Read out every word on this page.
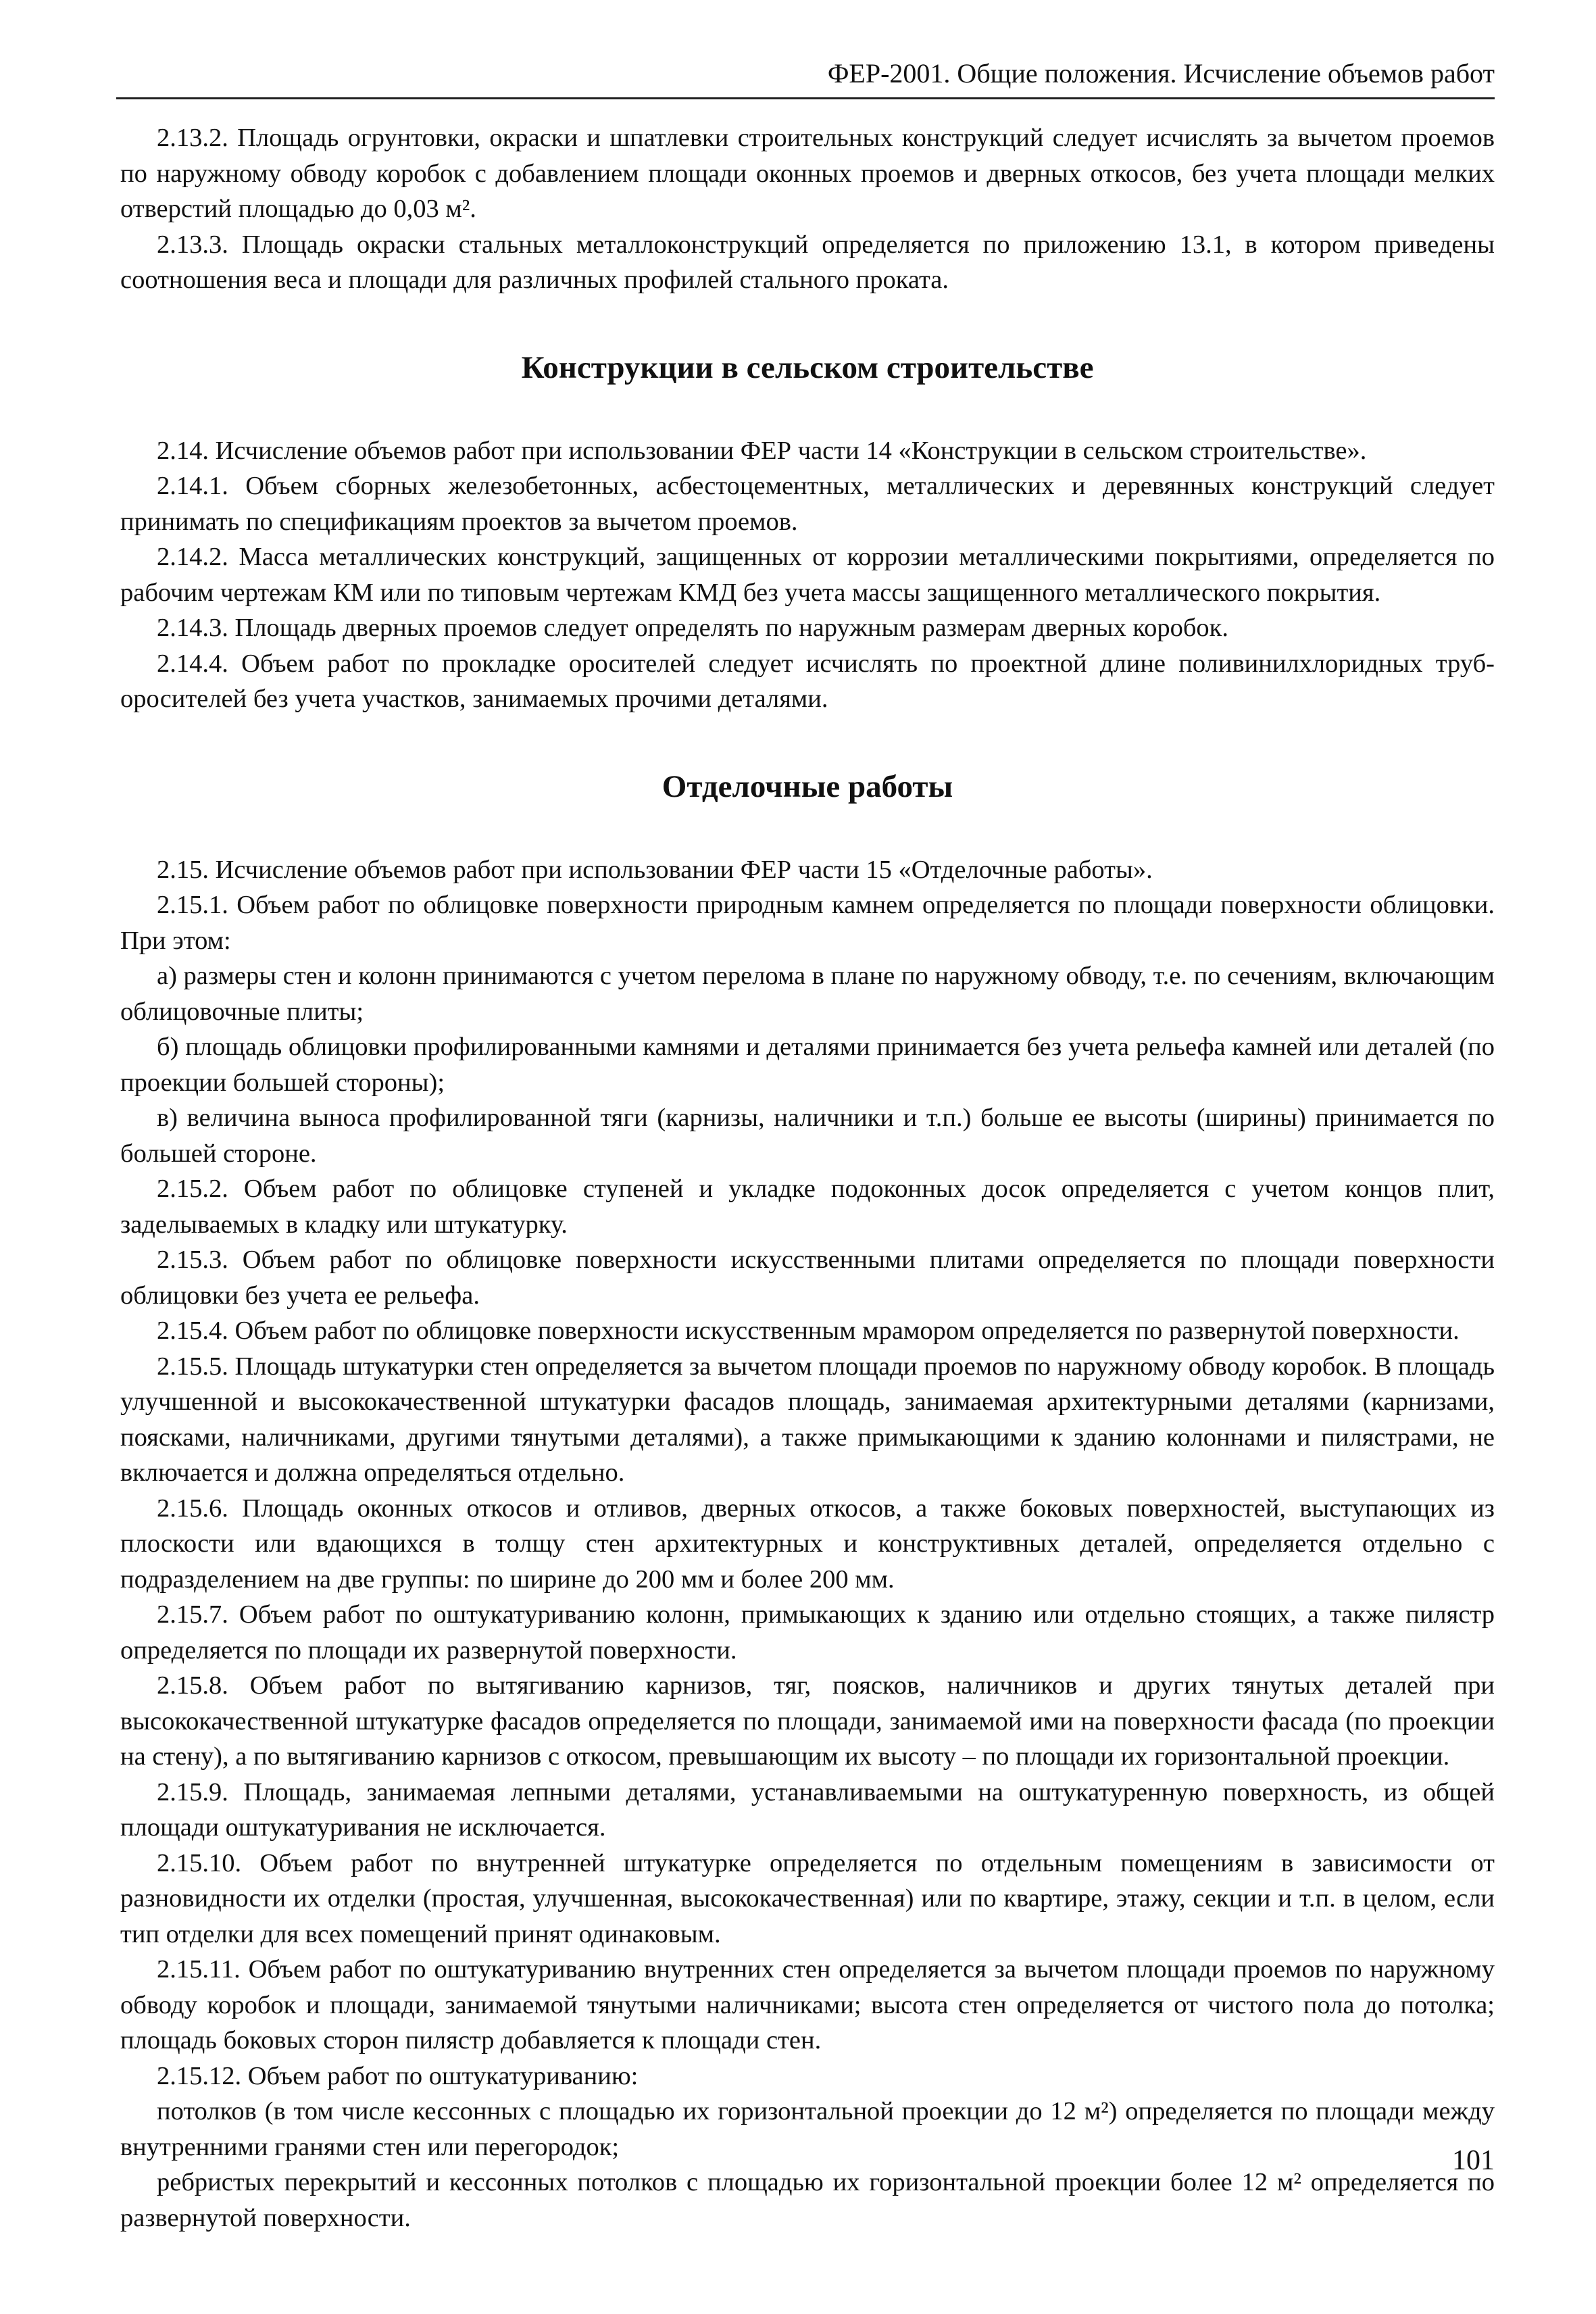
ФЕР-2001. Общие положения. Исчисление объемов работ

2.13.2. Площадь огрунтовки, окраски и шпатлевки строительных конструкций следует исчислять за вычетом проемов по наружному обводу коробок с добавлением площади оконных проемов и дверных откосов, без учета площади мелких отверстий площадью до 0,03 м².

2.13.3. Площадь окраски стальных металлоконструкций определяется по приложению 13.1, в котором приведены соотношения веса и площади для различных профилей стального проката.

Конструкции в сельском строительстве

2.14. Исчисление объемов работ при использовании ФЕР части 14 «Конструкции в сельском строительстве».

2.14.1. Объем сборных железобетонных, асбестоцементных, металлических и деревянных конструкций следует принимать по спецификациям проектов за вычетом проемов.

2.14.2. Масса металлических конструкций, защищенных от коррозии металлическими покрытиями, определяется по рабочим чертежам КМ или по типовым чертежам КМД без учета массы защищенного металлического покрытия.

2.14.3. Площадь дверных проемов следует определять по наружным размерам дверных коробок.

2.14.4. Объем работ по прокладке оросителей следует исчислять по проектной длине поливинилхлоридных труб-оросителей без учета участков, занимаемых прочими деталями.

Отделочные работы

2.15. Исчисление объемов работ при использовании ФЕР части 15 «Отделочные работы».

2.15.1. Объем работ по облицовке поверхности природным камнем определяется по площади поверхности облицовки. При этом:

а) размеры стен и колонн принимаются с учетом перелома в плане по наружному обводу, т.е. по сечениям, включающим облицовочные плиты;

б) площадь облицовки профилированными камнями и деталями принимается без учета рельефа камней или деталей (по проекции большей стороны);

в) величина выноса профилированной тяги (карнизы, наличники и т.п.) больше ее высоты (ширины) принимается по большей стороне.

2.15.2. Объем работ по облицовке ступеней и укладке подоконных досок определяется с учетом концов плит, заделываемых в кладку или штукатурку.

2.15.3. Объем работ по облицовке поверхности искусственными плитами определяется по площади поверхности облицовки без учета ее рельефа.

2.15.4. Объем работ по облицовке поверхности искусственным мрамором определяется по развернутой поверхности.

2.15.5. Площадь штукатурки стен определяется за вычетом площади проемов по наружному обводу коробок. В площадь улучшенной и высококачественной штукатурки фасадов площадь, занимаемая архитектурными деталями (карнизами, поясками, наличниками, другими тянутыми деталями), а также примыкающими к зданию колоннами и пилястрами, не включается и должна определяться отдельно.

2.15.6. Площадь оконных откосов и отливов, дверных откосов, а также боковых поверхностей, выступающих из плоскости или вдающихся в толщу стен архитектурных и конструктивных деталей, определяется отдельно с подразделением на две группы: по ширине до 200 мм и более 200 мм.

2.15.7. Объем работ по оштукатуриванию колонн, примыкающих к зданию или отдельно стоящих, а также пилястр определяется по площади их развернутой поверхности.

2.15.8. Объем работ по вытягиванию карнизов, тяг, поясков, наличников и других тянутых деталей при высококачественной штукатурке фасадов определяется по площади, занимаемой ими на поверхности фасада (по проекции на стену), а по вытягиванию карнизов с откосом, превышающим их высоту – по площади их горизонтальной проекции.

2.15.9. Площадь, занимаемая лепными деталями, устанавливаемыми на оштукатуренную поверхность, из общей площади оштукатуривания не исключается.

2.15.10. Объем работ по внутренней штукатурке определяется по отдельным помещениям в зависимости от разновидности их отделки (простая, улучшенная, высококачественная) или по квартире, этажу, секции и т.п. в целом, если тип отделки для всех помещений принят одинаковым.

2.15.11. Объем работ по оштукатуриванию внутренних стен определяется за вычетом площади проемов по наружному обводу коробок и площади, занимаемой тянутыми наличниками; высота стен определяется от чистого пола до потолка; площадь боковых сторон пилястр добавляется к площади стен.

2.15.12. Объем работ по оштукатуриванию:

потолков (в том числе кессонных с площадью их горизонтальной проекции до 12 м²) определяется по площади между внутренними гранями стен или перегородок;

ребристых перекрытий и кессонных потолков с площадью их горизонтальной проекции более 12 м² определяется по развернутой поверхности.

101
